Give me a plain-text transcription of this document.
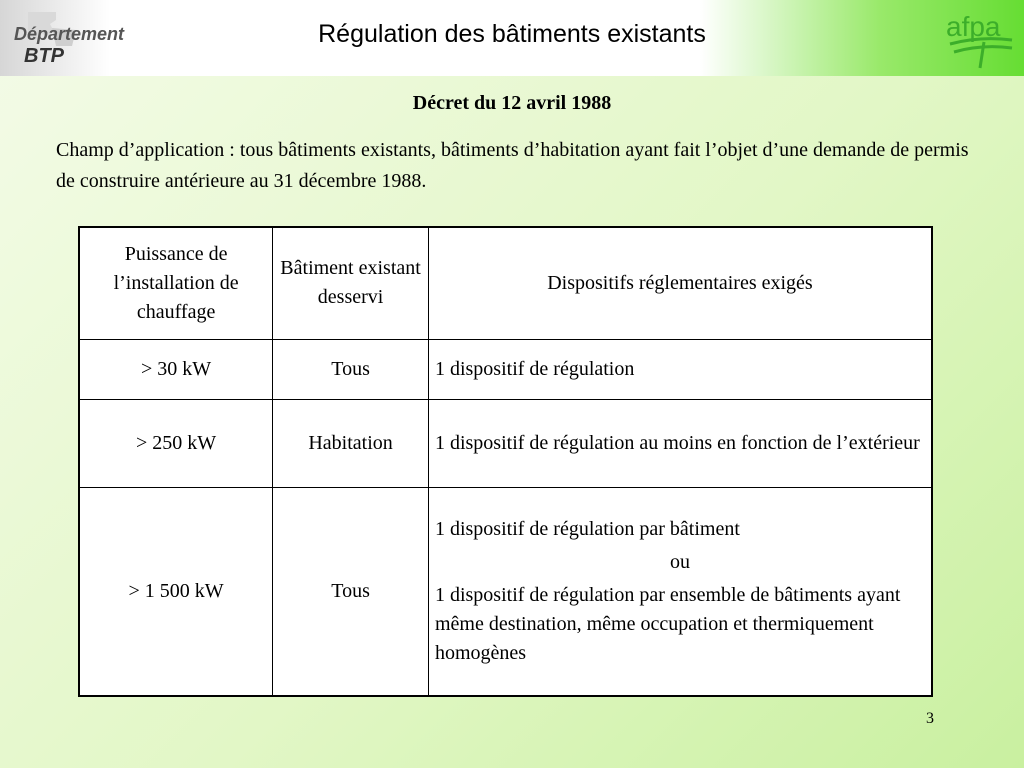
Département
BTP
Régulation des bâtiments existants	afpa
Décret du 12 avril 1988
Champ d’application : tous bâtiments existants, bâtiments d’habitation ayant fait l’objet d’une demande de permis de construire antérieure au 31 décembre 1988.
Puissance de l’installation de chauffage	Bâtiment existant desservi	Dispositifs réglementaires exigés
> 30 kW	Tous	1 dispositif de régulation
> 250 kW	Habitation	1 dispositif de régulation au moins en fonction de l’extérieur
> 1 500 kW	Tous	1 dispositif de régulation par bâtiment
ou
1 dispositif de régulation par ensemble de bâtiments ayant même destination, même occupation et thermiquement homogènes
3
